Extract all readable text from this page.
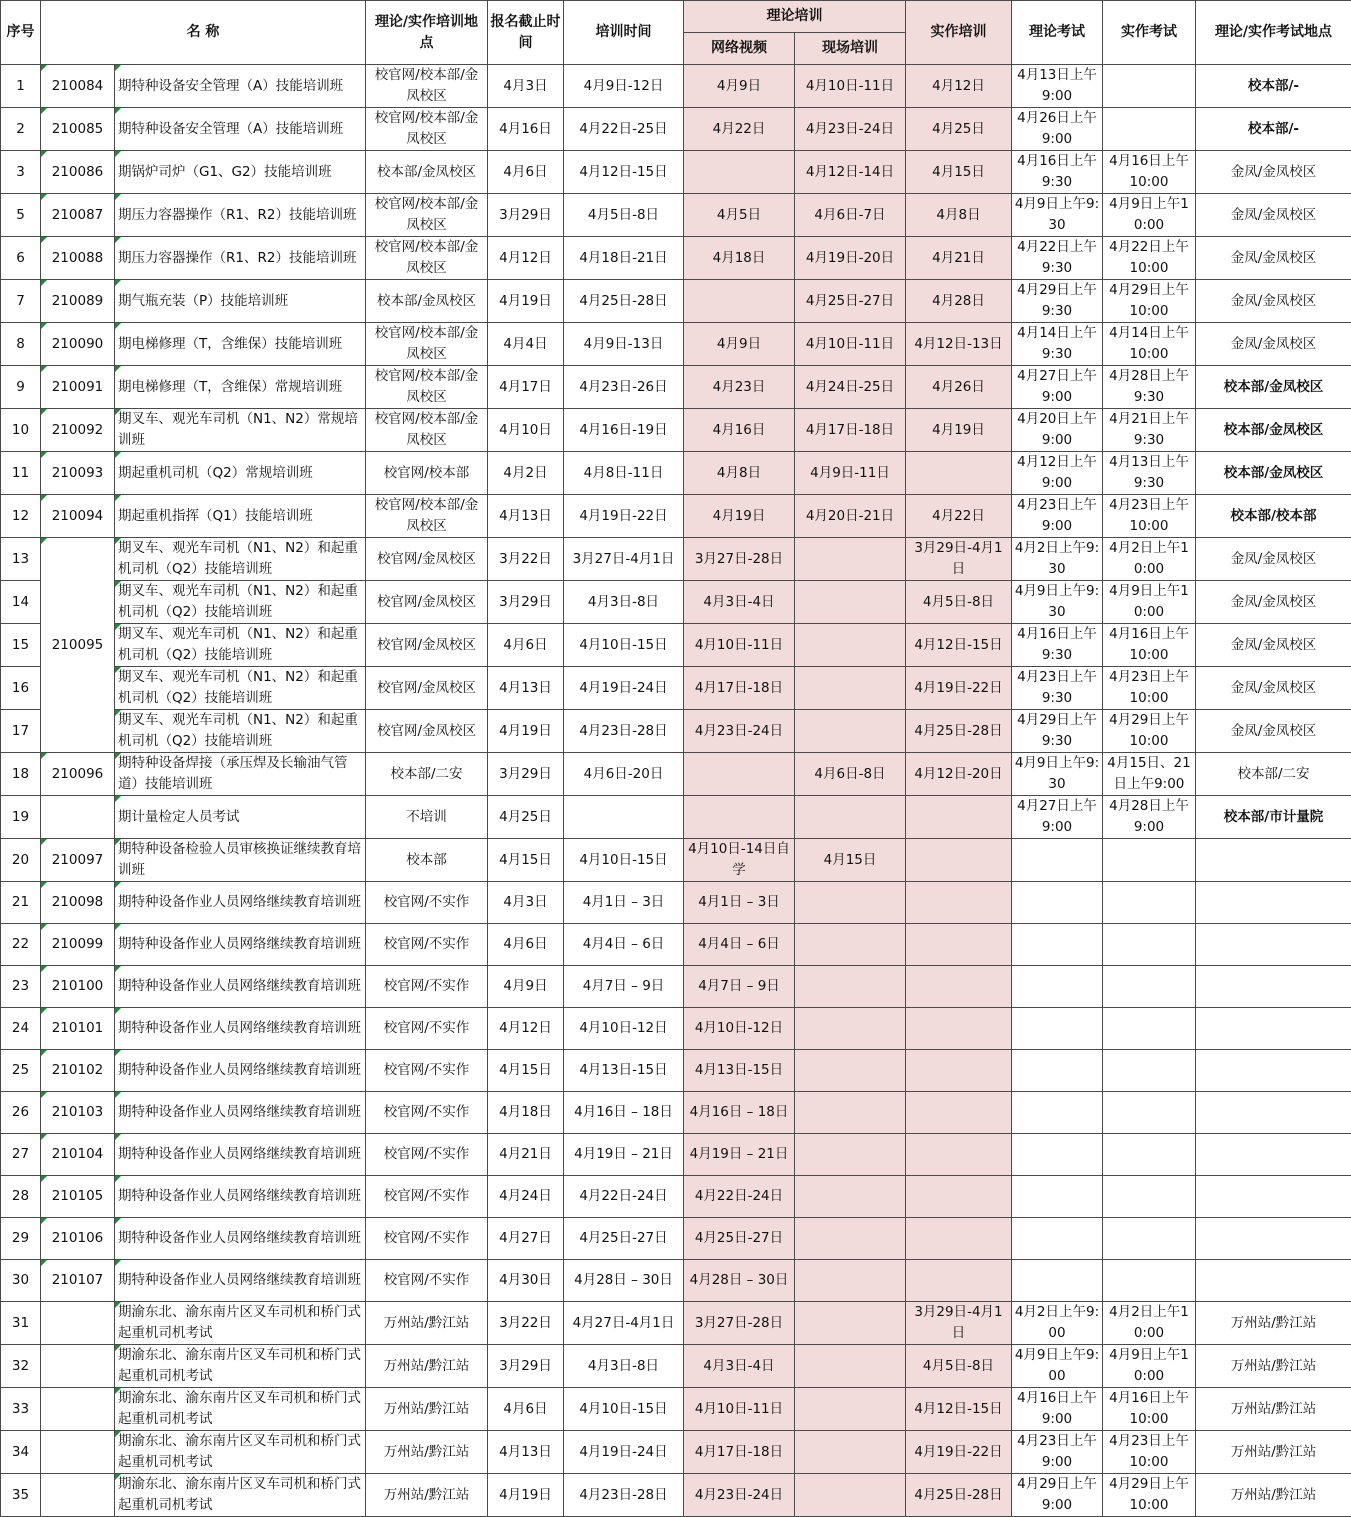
序号	名 称		理论/实作培训地点	报名截止时间	培训时间	理论培训		实作培训	理论考试	实作考试	理论/实作考试地点
						网络视频	现场培训				
1	210084	期特种设备安全管理（A）技能培训班	校官网/校本部/金凤校区	4月3日	4月9日-12日	4月9日	4月10日-11日	4月12日	4月13日上午9:00		校本部/-
2	210085	期特种设备安全管理（A）技能培训班	校官网/校本部/金凤校区	4月16日	4月22日-25日	4月22日	4月23日-24日	4月25日	4月26日上午9:00		校本部/-
3	210086	期锅炉司炉（G1、G2）技能培训班	校本部/金凤校区	4月6日	4月12日-15日		4月12日-14日	4月15日	4月16日上午9:30	4月16日上午10:00	金凤/金凤校区
5	210087	期压力容器操作（R1、R2）技能培训班	校官网/校本部/金凤校区	3月29日	4月5日-8日	4月5日	4月6日-7日	4月8日	4月9日上午9:30	4月9日上午10:00	金凤/金凤校区
6	210088	期压力容器操作（R1、R2）技能培训班	校官网/校本部/金凤校区	4月12日	4月18日-21日	4月18日	4月19日-20日	4月21日	4月22日上午9:30	4月22日上午10:00	金凤/金凤校区
7	210089	期气瓶充装（P）技能培训班	校本部/金凤校区	4月19日	4月25日-28日		4月25日-27日	4月28日	4月29日上午9:30	4月29日上午10:00	金凤/金凤校区
8	210090	期电梯修理（T，含维保）技能培训班	校官网/校本部/金凤校区	4月4日	4月9日-13日	4月9日	4月10日-11日	4月12日-13日	4月14日上午9:30	4月14日上午10:00	金凤/金凤校区
9	210091	期电梯修理（T，含维保）常规培训班	校官网/校本部/金凤校区	4月17日	4月23日-26日	4月23日	4月24日-25日	4月26日	4月27日上午9:00	4月28日上午9:30	校本部/金凤校区
10	210092	期叉车、观光车司机（N1、N2）常规培训班	校官网/校本部/金凤校区	4月10日	4月16日-19日	4月16日	4月17日-18日	4月19日	4月20日上午9:00	4月21日上午9:30	校本部/金凤校区
11	210093	期起重机司机（Q2）常规培训班	校官网/校本部	4月2日	4月8日-11日	4月8日	4月9日-11日		4月12日上午9:00	4月13日上午9:30	校本部/金凤校区
12	210094	期起重机指挥（Q1）技能培训班	校官网/校本部/金凤校区	4月13日	4月19日-22日	4月19日	4月20日-21日	4月22日	4月23日上午9:00	4月23日上午10:00	校本部/校本部
13	210095	期叉车、观光车司机（N1、N2）和起重机司机（Q2）技能培训班	校官网/金凤校区	3月22日	3月27日-4月1日	3月27日-28日		3月29日-4月1日	4月2日上午9:30	4月2日上午10:00	金凤/金凤校区
14		期叉车、观光车司机（N1、N2）和起重机司机（Q2）技能培训班	校官网/金凤校区	3月29日	4月3日-8日	4月3日-4日		4月5日-8日	4月9日上午9:30	4月9日上午10:00	金凤/金凤校区
15		期叉车、观光车司机（N1、N2）和起重机司机（Q2）技能培训班	校官网/金凤校区	4月6日	4月10日-15日	4月10日-11日		4月12日-15日	4月16日上午9:30	4月16日上午10:00	金凤/金凤校区
16		期叉车、观光车司机（N1、N2）和起重机司机（Q2）技能培训班	校官网/金凤校区	4月13日	4月19日-24日	4月17日-18日		4月19日-22日	4月23日上午9:30	4月23日上午10:00	金凤/金凤校区
17		期叉车、观光车司机（N1、N2）和起重机司机（Q2）技能培训班	校官网/金凤校区	4月19日	4月23日-28日	4月23日-24日		4月25日-28日	4月29日上午9:30	4月29日上午10:00	金凤/金凤校区
18	210096	期特种设备焊接（承压焊及长输油气管道）技能培训班	校本部/二安	3月29日	4月6日-20日		4月6日-8日	4月12日-20日	4月9日上午9:30	4月15日、21日上午9:00	校本部/二安
19		期计量检定人员考试	不培训	4月25日					4月27日上午9:00	4月28日上午9:00	校本部/市计量院
20	210097	期特种设备检验人员审核换证继续教育培训班	校本部	4月15日	4月10日-15日	4月10日-14日自学	4月15日				
21	210098	期特种设备作业人员网络继续教育培训班	校官网/不实作	4月3日	4月1日 – 3日	4月1日 – 3日					
22	210099	期特种设备作业人员网络继续教育培训班	校官网/不实作	4月6日	4月4日 – 6日	4月4日 – 6日					
23	210100	期特种设备作业人员网络继续教育培训班	校官网/不实作	4月9日	4月7日 – 9日	4月7日 – 9日					
24	210101	期特种设备作业人员网络继续教育培训班	校官网/不实作	4月12日	4月10日-12日	4月10日-12日					
25	210102	期特种设备作业人员网络继续教育培训班	校官网/不实作	4月15日	4月13日-15日	4月13日-15日					
26	210103	期特种设备作业人员网络继续教育培训班	校官网/不实作	4月18日	4月16日 – 18日	4月16日 – 18日					
27	210104	期特种设备作业人员网络继续教育培训班	校官网/不实作	4月21日	4月19日 – 21日	4月19日 – 21日					
28	210105	期特种设备作业人员网络继续教育培训班	校官网/不实作	4月24日	4月22日-24日	4月22日-24日					
29	210106	期特种设备作业人员网络继续教育培训班	校官网/不实作	4月27日	4月25日-27日	4月25日-27日					
30	210107	期特种设备作业人员网络继续教育培训班	校官网/不实作	4月30日	4月28日 – 30日	4月28日 – 30日					
31		期渝东北、渝东南片区叉车司机和桥门式起重机司机考试	万州站/黔江站	3月22日	4月27日-4月1日	3月27日-28日		3月29日-4月1日	4月2日上午9:00	4月2日上午10:00	万州站/黔江站
32		期渝东北、渝东南片区叉车司机和桥门式起重机司机考试	万州站/黔江站	3月29日	4月3日-8日	4月3日-4日		4月5日-8日	4月9日上午9:00	4月9日上午10:00	万州站/黔江站
33		期渝东北、渝东南片区叉车司机和桥门式起重机司机考试	万州站/黔江站	4月6日	4月10日-15日	4月10日-11日		4月12日-15日	4月16日上午9:00	4月16日上午10:00	万州站/黔江站
34		期渝东北、渝东南片区叉车司机和桥门式起重机司机考试	万州站/黔江站	4月13日	4月19日-24日	4月17日-18日		4月19日-22日	4月23日上午9:00	4月23日上午10:00	万州站/黔江站
35		期渝东北、渝东南片区叉车司机和桥门式起重机司机考试	万州站/黔江站	4月19日	4月23日-28日	4月23日-24日		4月25日-28日	4月29日上午9:00	4月29日上午10:00	万州站/黔江站
